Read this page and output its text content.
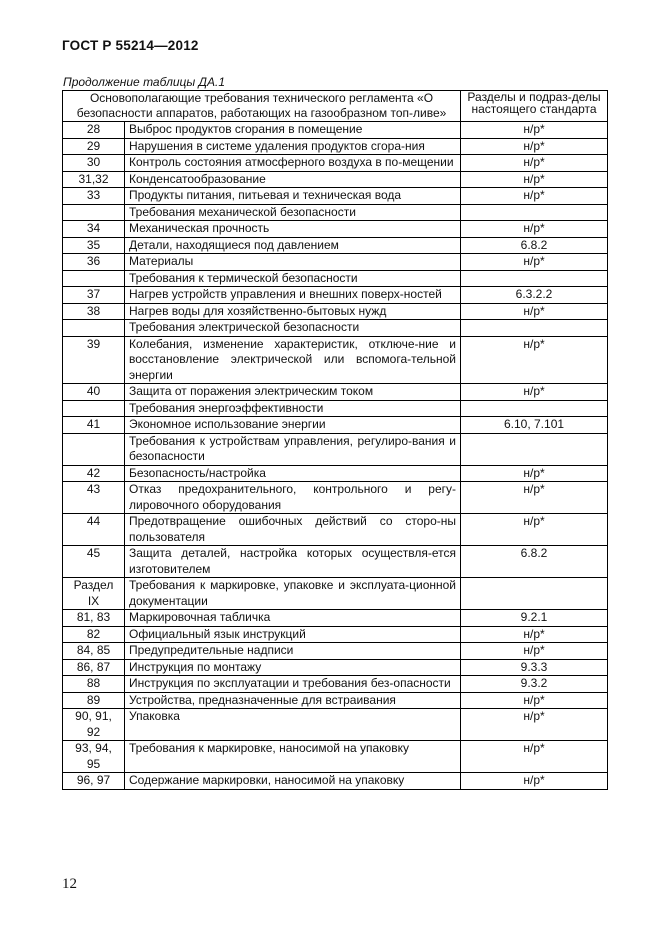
ГОСТ Р 55214—2012
Продолжение таблицы ДА.1
Основополагающие требования технического регламента «О безопасности аппаратов, работающих на газообразном топ-ливе»		Разделы и подраз-делы настоящего стандарта
28	Выброс продуктов сгорания в помещение	н/р*
29	Нарушения в системе удаления продуктов сгора-ния	н/р*
30	Контроль состояния атмосферного воздуха в по-мещении	н/р*
31,32	Конденсатообразование	н/р*
33	Продукты питания, питьевая и техническая вода	н/р*
	Требования механической безопасности	
34	Механическая прочность	н/р*
35	Детали, находящиеся под давлением	6.8.2
36	Материалы	н/р*
	Требования к термической безопасности	
37	Нагрев устройств управления и внешних поверх-ностей	6.3.2.2
38	Нагрев воды для хозяйственно-бытовых нужд	н/р*
	Требования электрической безопасности	
39	Колебания, изменение характеристик, отключе-ние и восстановление электрической или вспомога-тельной энергии	н/р*
40	Защита от поражения электрическим током	н/р*
	Требования энергоэффективности	
41	Экономное использование энергии	6.10, 7.101
	Требования к устройствам управления, регулиро-вания и безопасности	
42	Безопасность/настройка	н/р*
43	Отказ предохранительного, контрольного и регу-лировочного оборудования	н/р*
44	Предотвращение ошибочных действий со сторо-ны пользователя	н/р*
45	Защита деталей, настройка которых осуществля-ется изготовителем	6.8.2
Раздел IX	Требования к маркировке, упаковке и эксплуата-ционной документации	
81, 83	Маркировочная табличка	9.2.1
82	Официальный язык инструкций	н/р*
84, 85	Предупредительные надписи	н/р*
86, 87	Инструкция по монтажу	9.3.3
88	Инструкция по эксплуатации и требования без-опасности	9.3.2
89	Устройства, предназначенные для встраивания	н/р*
90, 91, 92	Упаковка	н/р*
93, 94, 95	Требования к маркировке, наносимой на упаковку	н/р*
96, 97	Содержание маркировки, наносимой на упаковку	н/р*
12
